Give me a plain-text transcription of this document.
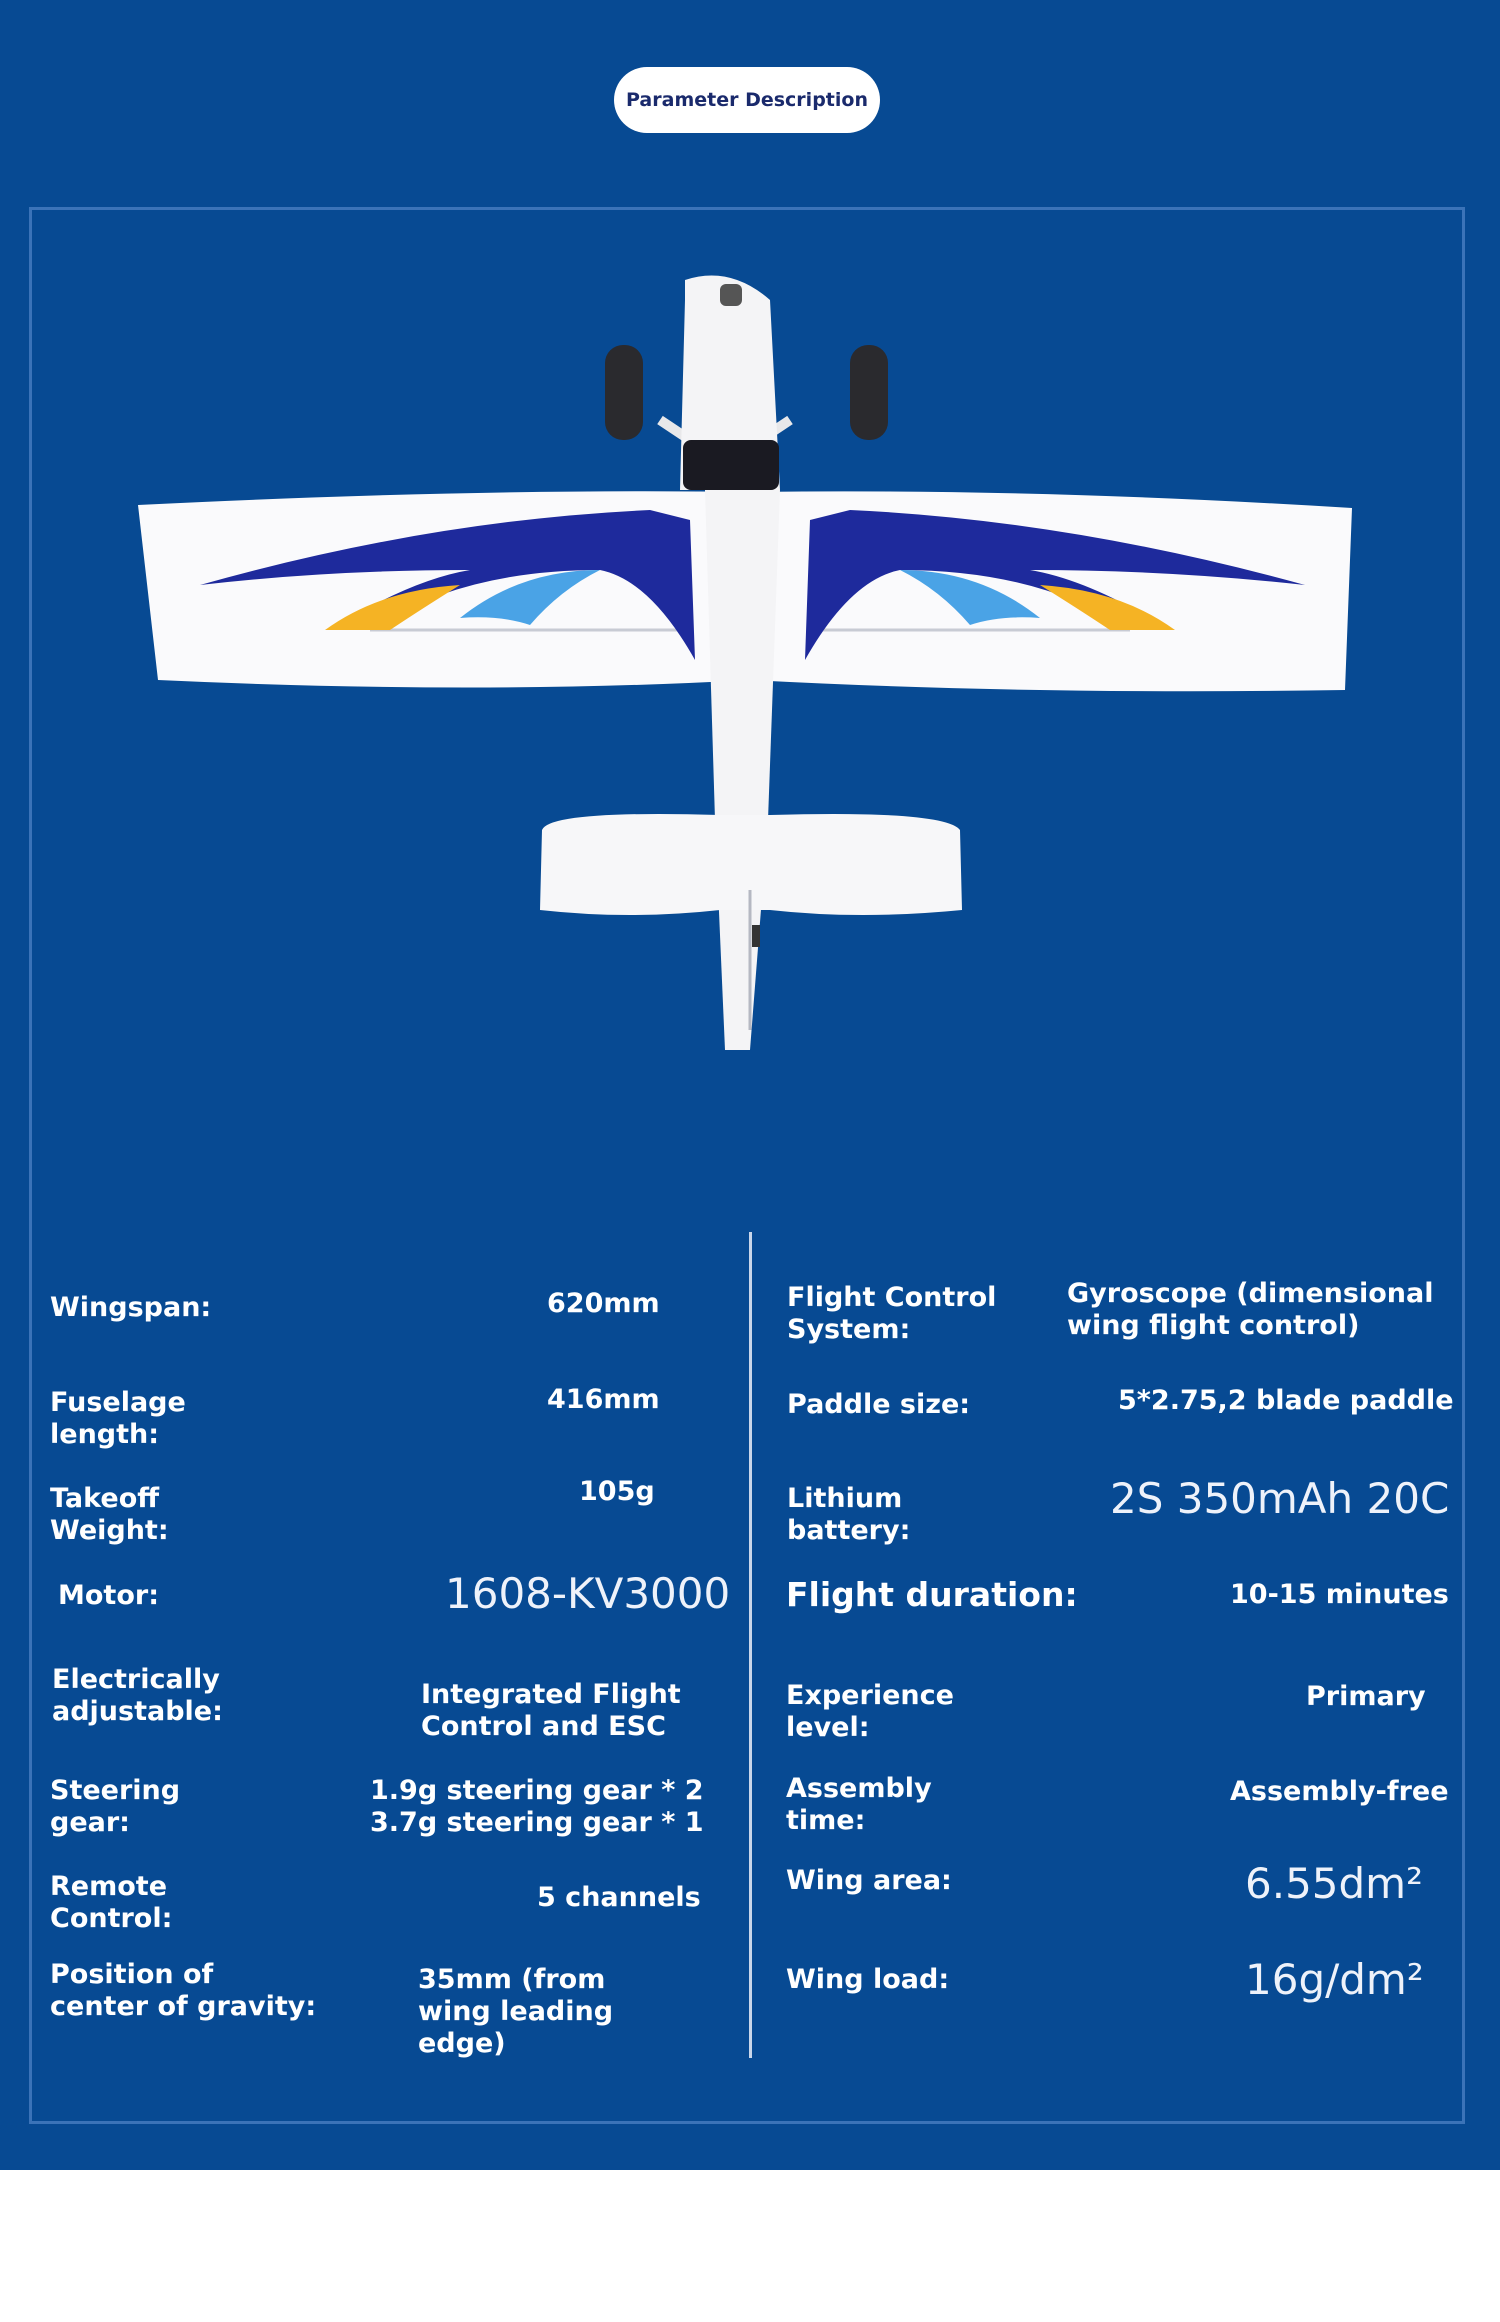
Parameter Description
Wingspan:	620mm
Fuselage length:
416mm
Takeoff Weight:
105g
Motor:	1608-KV3000
Electrically adjustable:
Integrated Flight Control and ESC
Steering gear:
1.9g steering gear * 2
3.7g steering gear * 1
Remote Control:
5 channels
Position of center of gravity:
35mm (from wing leading edge)
Flight Control System:
Gyroscope (dimensional wing flight control)
Paddle size:	5*2.75,2 blade paddle
Lithium battery:
2S 350mAh 20C
Flight duration:	10-15 minutes
Experience level:
Primary
Assembly time:
Assembly-free
Wing area:	6.55dm²
Wing load:	16g/dm²
